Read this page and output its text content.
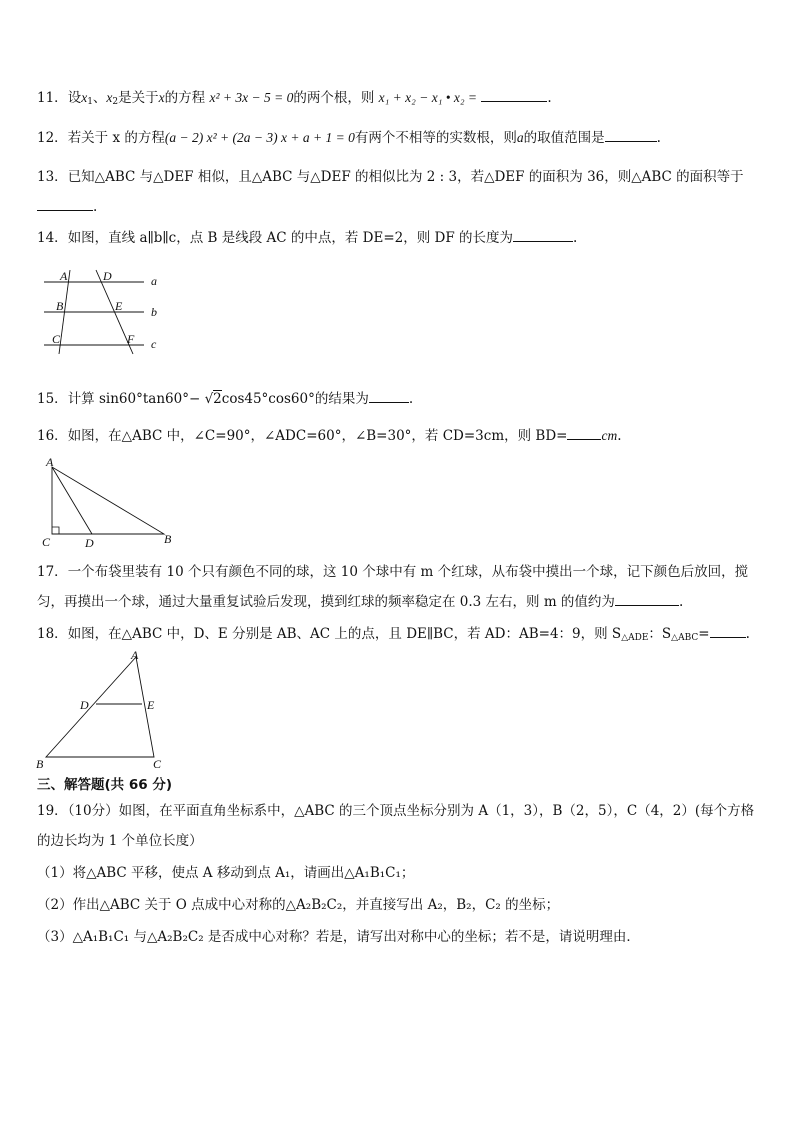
11．设$x_1$、$x_2$是关于x的方程 x² + 3x − 5 = 0的两个根，则 x₁ + x₂ − x₁ • x₂ =	.
12．若关于 x 的方程(a − 2) x² + (2a − 3) x + a + 1 = 0有两个不相等的实数根，则a的取值范围是	.
13．已知△ABC 与△DEF 相似，且△ABC 与△DEF 的相似比为 2 : 3，若△DEF 的面积为 36，则△ABC 的面积等于
.
14．如图，直线 a∥b∥c，点 B 是线段 AC 的中点，若 DE=2，则 DF 的长度为	.
A
B
C
D
E
F
a
b
c
15．计算 sin60°tan60°− √2cos45°cos60°的结果为	.
16．如图，在△ABC 中，∠C=90°，∠ADC=60°，∠B=30°，若 CD=3cm，则 BD=	cm.
A
C	D	B
17．一个布袋里装有 10 个只有颜色不同的球，这 10 个球中有 m 个红球，从布袋中摸出一个球，记下颜色后放回，搅
匀，再摸出一个球，通过大量重复试验后发现，摸到红球的频率稳定在 0.3 左右，则 m 的值约为	.
18．如图，在△ABC 中，D、E 分别是 AB、AC 上的点，且 DE∥BC，若 AD：AB=4：9，则 $S_{\triangle ADE}$：$S_{\triangle ABC}=$	.
A
D	E
B	C
三、解答题(共 66 分)
19．（10分）如图，在平面直角坐标系中，△ABC 的三个顶点坐标分别为 A（1，3），B（2，5），C（4，2）(每个方格
的边长均为 1 个单位长度）
（1）将△ABC 平移，使点 A 移动到点 A₁，请画出△A₁B₁C₁；
（2）作出△ABC 关于 O 点成中心对称的△A₂B₂C₂，并直接写出 A₂，B₂，C₂ 的坐标；
（3）△A₁B₁C₁ 与△A₂B₂C₂ 是否成中心对称？若是，请写出对称中心的坐标；若不是，请说明理由．
